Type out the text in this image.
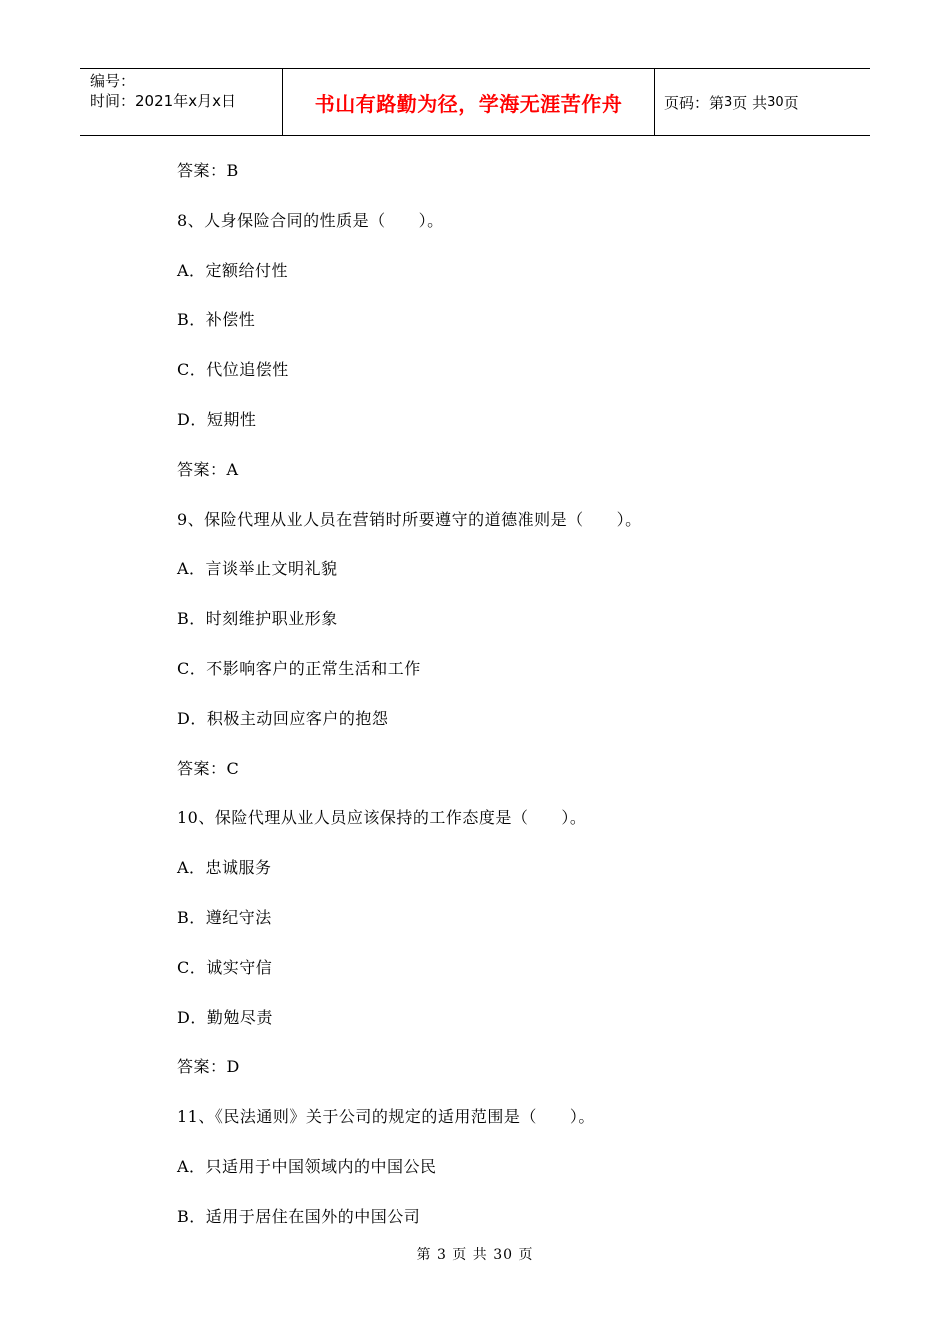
编号：
时间：2021年x月x日	书山有路勤为径，学海无涯苦作舟	页码：第 3 页 共 30 页
答案：B
8、人身保险合同的性质是（　　）。
A．定额给付性
B．补偿性
C．代位追偿性
D．短期性
答案：A
9、保险代理从业人员在营销时所要遵守的道德准则是（　　）。
A．言谈举止文明礼貌
B．时刻维护职业形象
C．不影响客户的正常生活和工作
D．积极主动回应客户的抱怨
答案：C
10、保险代理从业人员应该保持的工作态度是（　　）。
A．忠诚服务
B．遵纪守法
C．诚实守信
D．勤勉尽责
答案：D
11、《民法通则》关于公司的规定的适用范围是（　　）。
A．只适用于中国领域内的中国公民
B．适用于居住在国外的中国公司
第 3 页 共 30 页
